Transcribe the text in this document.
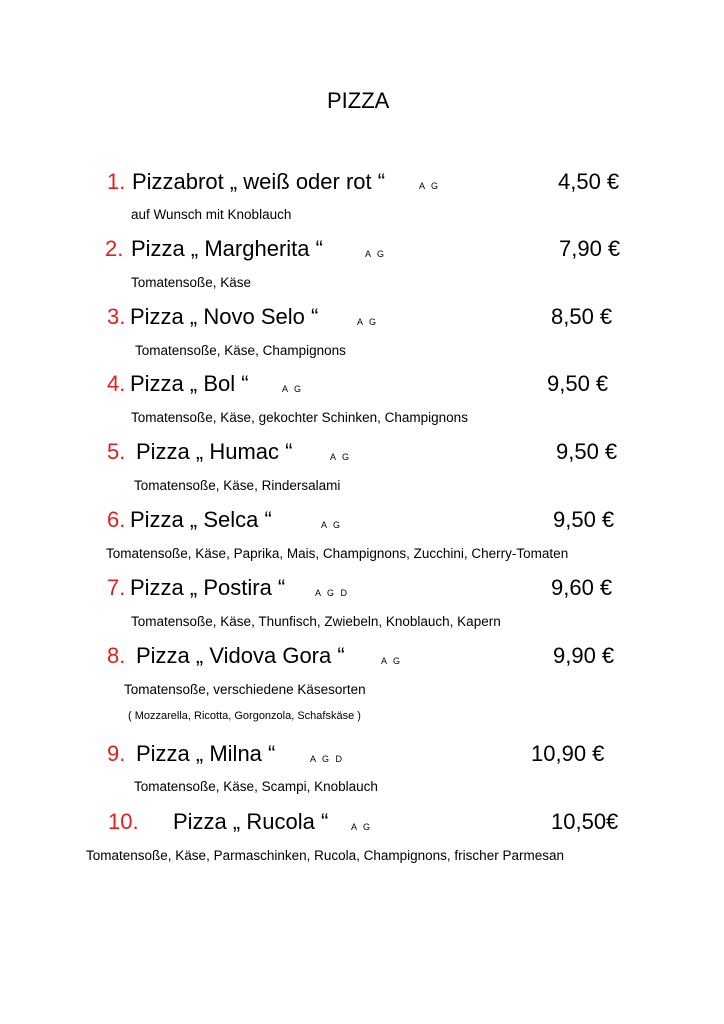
PIZZA
1. Pizzabrot „ weiß oder rot “	A G	4,50 €
auf Wunsch mit Knoblauch
2. Pizza „ Margherita “	A G	7,90 €
Tomatensoße, Käse
3. Pizza „ Novo Selo “	A G	8,50 €
Tomatensoße, Käse, Champignons
4. Pizza „ Bol “	A G	9,50 €
Tomatensoße, Käse, gekochter Schinken, Champignons
5. Pizza „ Humac “	A G	9,50 €
Tomatensoße, Käse, Rindersalami
6. Pizza „ Selca “	A G	9,50 €
Tomatensoße, Käse, Paprika, Mais, Champignons, Zucchini, Cherry-Tomaten
7. Pizza „ Postira “	A G D	9,60 €
Tomatensoße, Käse, Thunfisch, Zwiebeln, Knoblauch, Kapern
8. Pizza „ Vidova Gora “	A G	9,90 €
Tomatensoße, verschiedene Käsesorten
( Mozzarella, Ricotta, Gorgonzola, Schafskäse )
9. Pizza „ Milna “	A G D	10,90 €
Tomatensoße, Käse, Scampi, Knoblauch
10. Pizza „ Rucola “	A G	10,50€
Tomatensoße, Käse, Parmaschinken, Rucola, Champignons, frischer Parmesan
